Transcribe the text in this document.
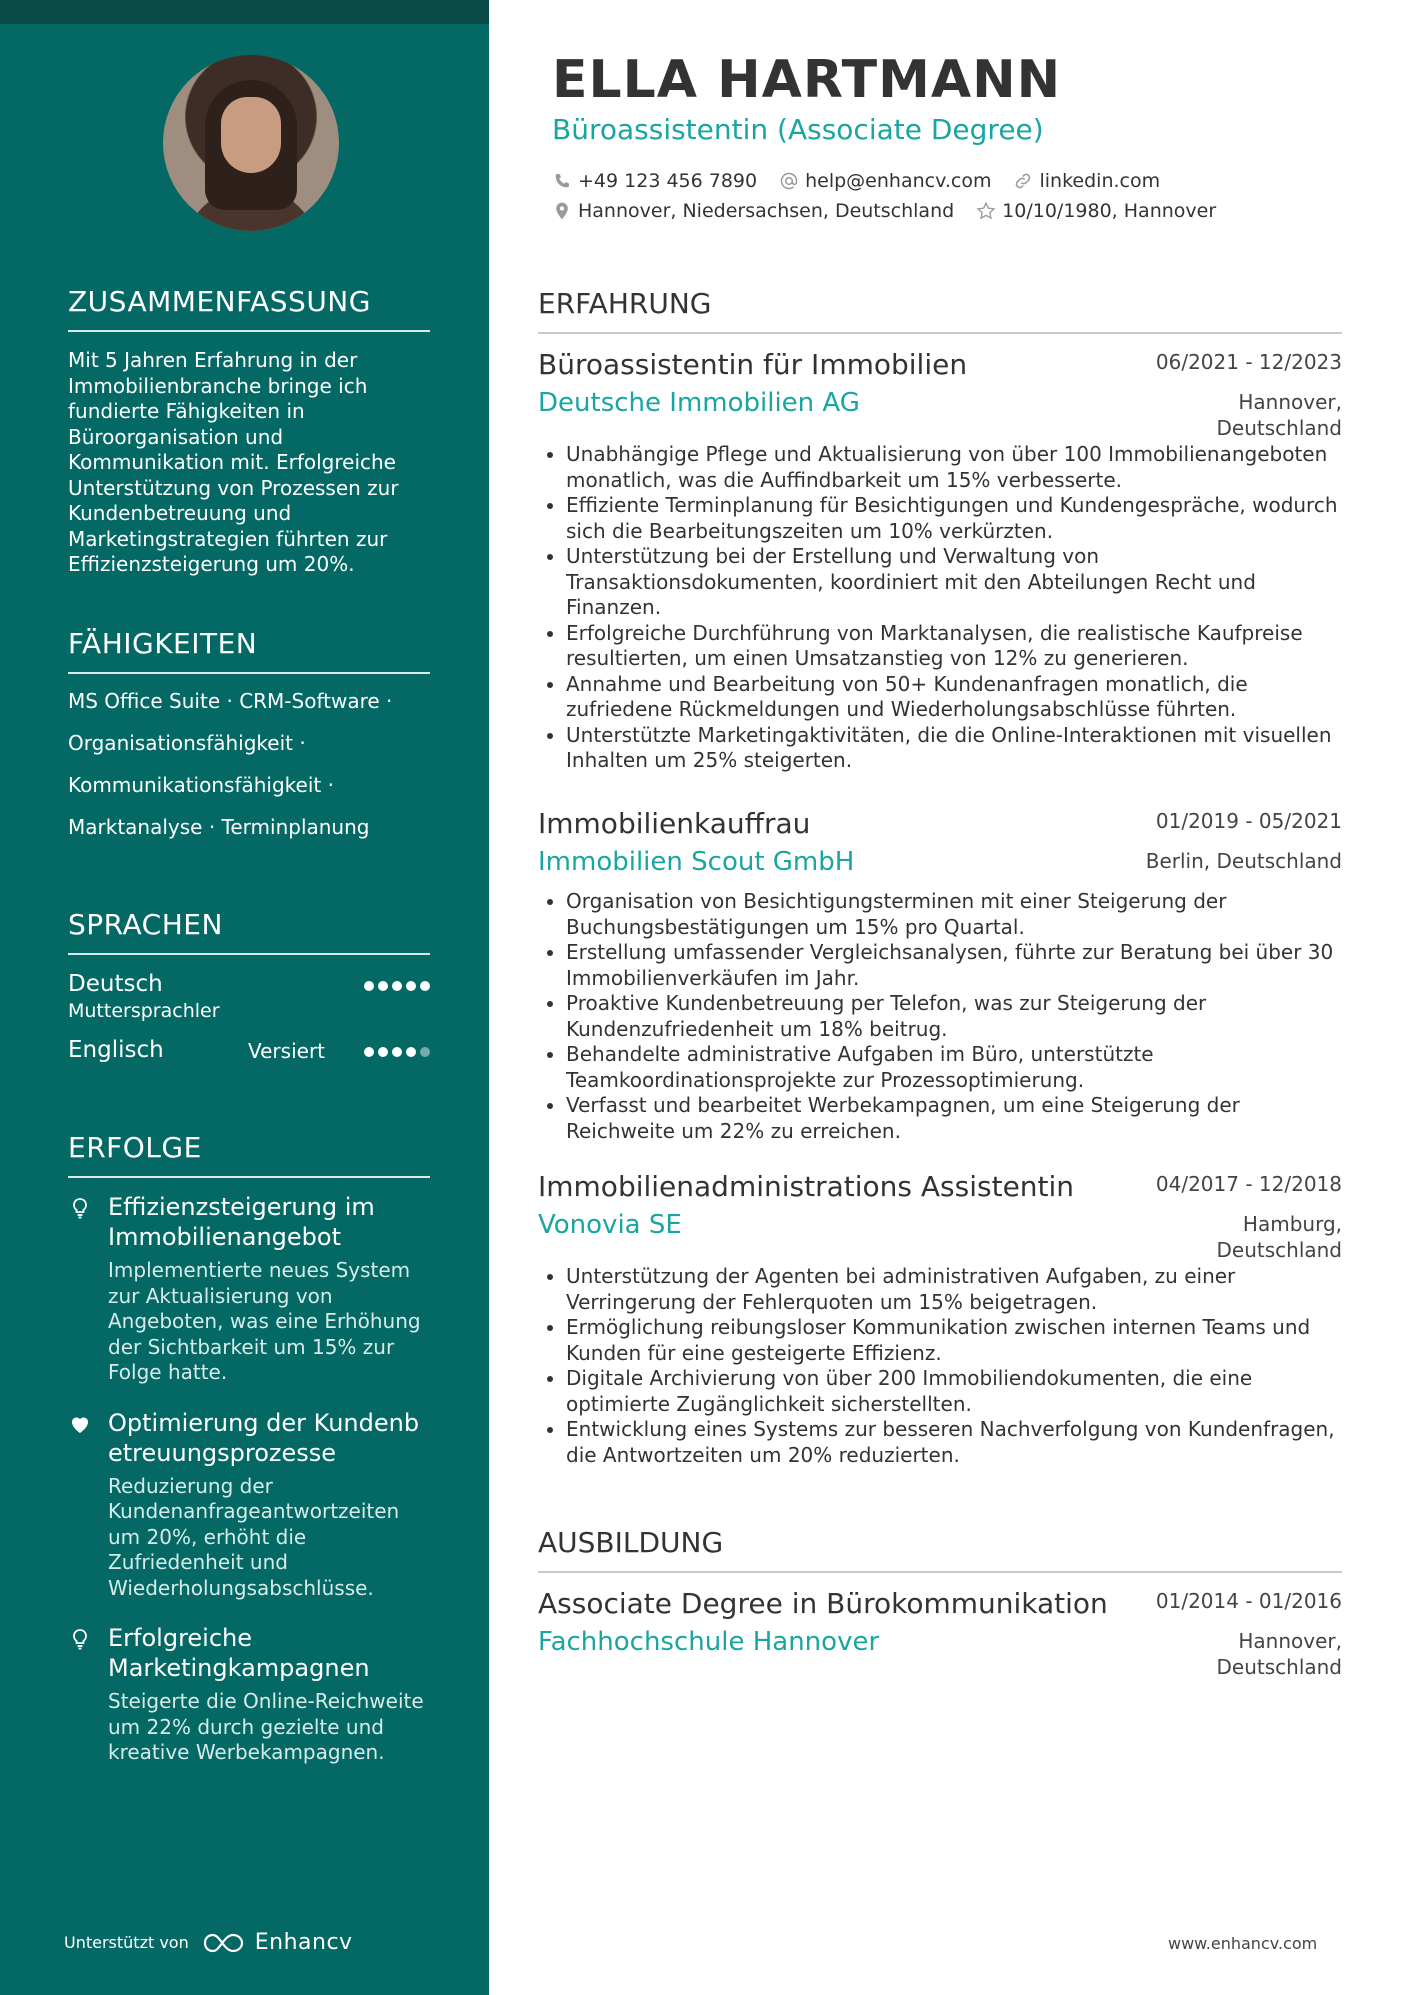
ZUSAMMENFASSUNG
Mit 5 Jahren Erfahrung in der Immobilienbranche bringe ich fundierte Fähigkeiten in Büroorganisation und Kommunikation mit. Erfolgreiche Unterstützung von Prozessen zur Kundenbetreuung und Marketingstrategien führten zur Effizienzsteigerung um 20%.
FÄHIGKEITEN
MS Office Suite · CRM-Software ·
Organisationsfähigkeit ·
Kommunikationsfähigkeit ·
Marktanalyse · Terminplanung
SPRACHEN
Deutsch
Muttersprachler
Englisch	Versiert
ERFOLGE
Effizienzsteigerung im Immobilienangebot
Implementierte neues System zur Aktualisierung von Angeboten, was eine Erhöhung der Sichtbarkeit um 15% zur Folge hatte.
Optimierung der Kundenbetreuungsprozesse
Reduzierung der Kundenanfrageantwortzeiten um 20%, erhöht die Zufriedenheit und Wiederholungsabschlüsse.
Erfolgreiche Marketingkampagnen
Steigerte die Online-Reichweite um 22% durch gezielte und kreative Werbekampagnen.
Unterstützt von	Enhancv
ELLA HARTMANN
Büroassistentin (Associate Degree)
+49 123 456 7890	help@enhancv.com	linkedin.com
Hannover, Niedersachsen, Deutschland	10/10/1980, Hannover
ERFAHRUNG
Büroassistentin für Immobilien	06/2021 - 12/2023
Deutsche Immobilien AG	Hannover, Deutschland
• Unabhängige Pflege und Aktualisierung von über 100 Immobilienangeboten monatlich, was die Auffindbarkeit um 15% verbesserte.
• Effiziente Terminplanung für Besichtigungen und Kundengespräche, wodurch sich die Bearbeitungszeiten um 10% verkürzten.
• Unterstützung bei der Erstellung und Verwaltung von Transaktionsdokumenten, koordiniert mit den Abteilungen Recht und Finanzen.
• Erfolgreiche Durchführung von Marktanalysen, die realistische Kaufpreise resultierten, um einen Umsatzanstieg von 12% zu generieren.
• Annahme und Bearbeitung von 50+ Kundenanfragen monatlich, die zufriedene Rückmeldungen und Wiederholungsabschlüsse führten.
• Unterstützte Marketingaktivitäten, die die Online-Interaktionen mit visuellen Inhalten um 25% steigerten.
Immobilienkauffrau	01/2019 - 05/2021
Immobilien Scout GmbH	Berlin, Deutschland
• Organisation von Besichtigungsterminen mit einer Steigerung der Buchungsbestätigungen um 15% pro Quartal.
• Erstellung umfassender Vergleichsanalysen, führte zur Beratung bei über 30 Immobilienverkäufen im Jahr.
• Proaktive Kundenbetreuung per Telefon, was zur Steigerung der Kundenzufriedenheit um 18% beitrug.
• Behandelte administrative Aufgaben im Büro, unterstützte Teamkoordinationsprojekte zur Prozessoptimierung.
• Verfasst und bearbeitet Werbekampagnen, um eine Steigerung der Reichweite um 22% zu erreichen.
Immobilienadministrations Assistentin	04/2017 - 12/2018
Vonovia SE	Hamburg, Deutschland
• Unterstützung der Agenten bei administrativen Aufgaben, zu einer Verringerung der Fehlerquoten um 15% beigetragen.
• Ermöglichung reibungsloser Kommunikation zwischen internen Teams und Kunden für eine gesteigerte Effizienz.
• Digitale Archivierung von über 200 Immobiliendokumenten, die eine optimierte Zugänglichkeit sicherstellten.
• Entwicklung eines Systems zur besseren Nachverfolgung von Kundenfragen, die Antwortzeiten um 20% reduzierten.
AUSBILDUNG
Associate Degree in Bürokommunikation	01/2014 - 01/2016
Fachhochschule Hannover	Hannover, Deutschland
www.enhancv.com
